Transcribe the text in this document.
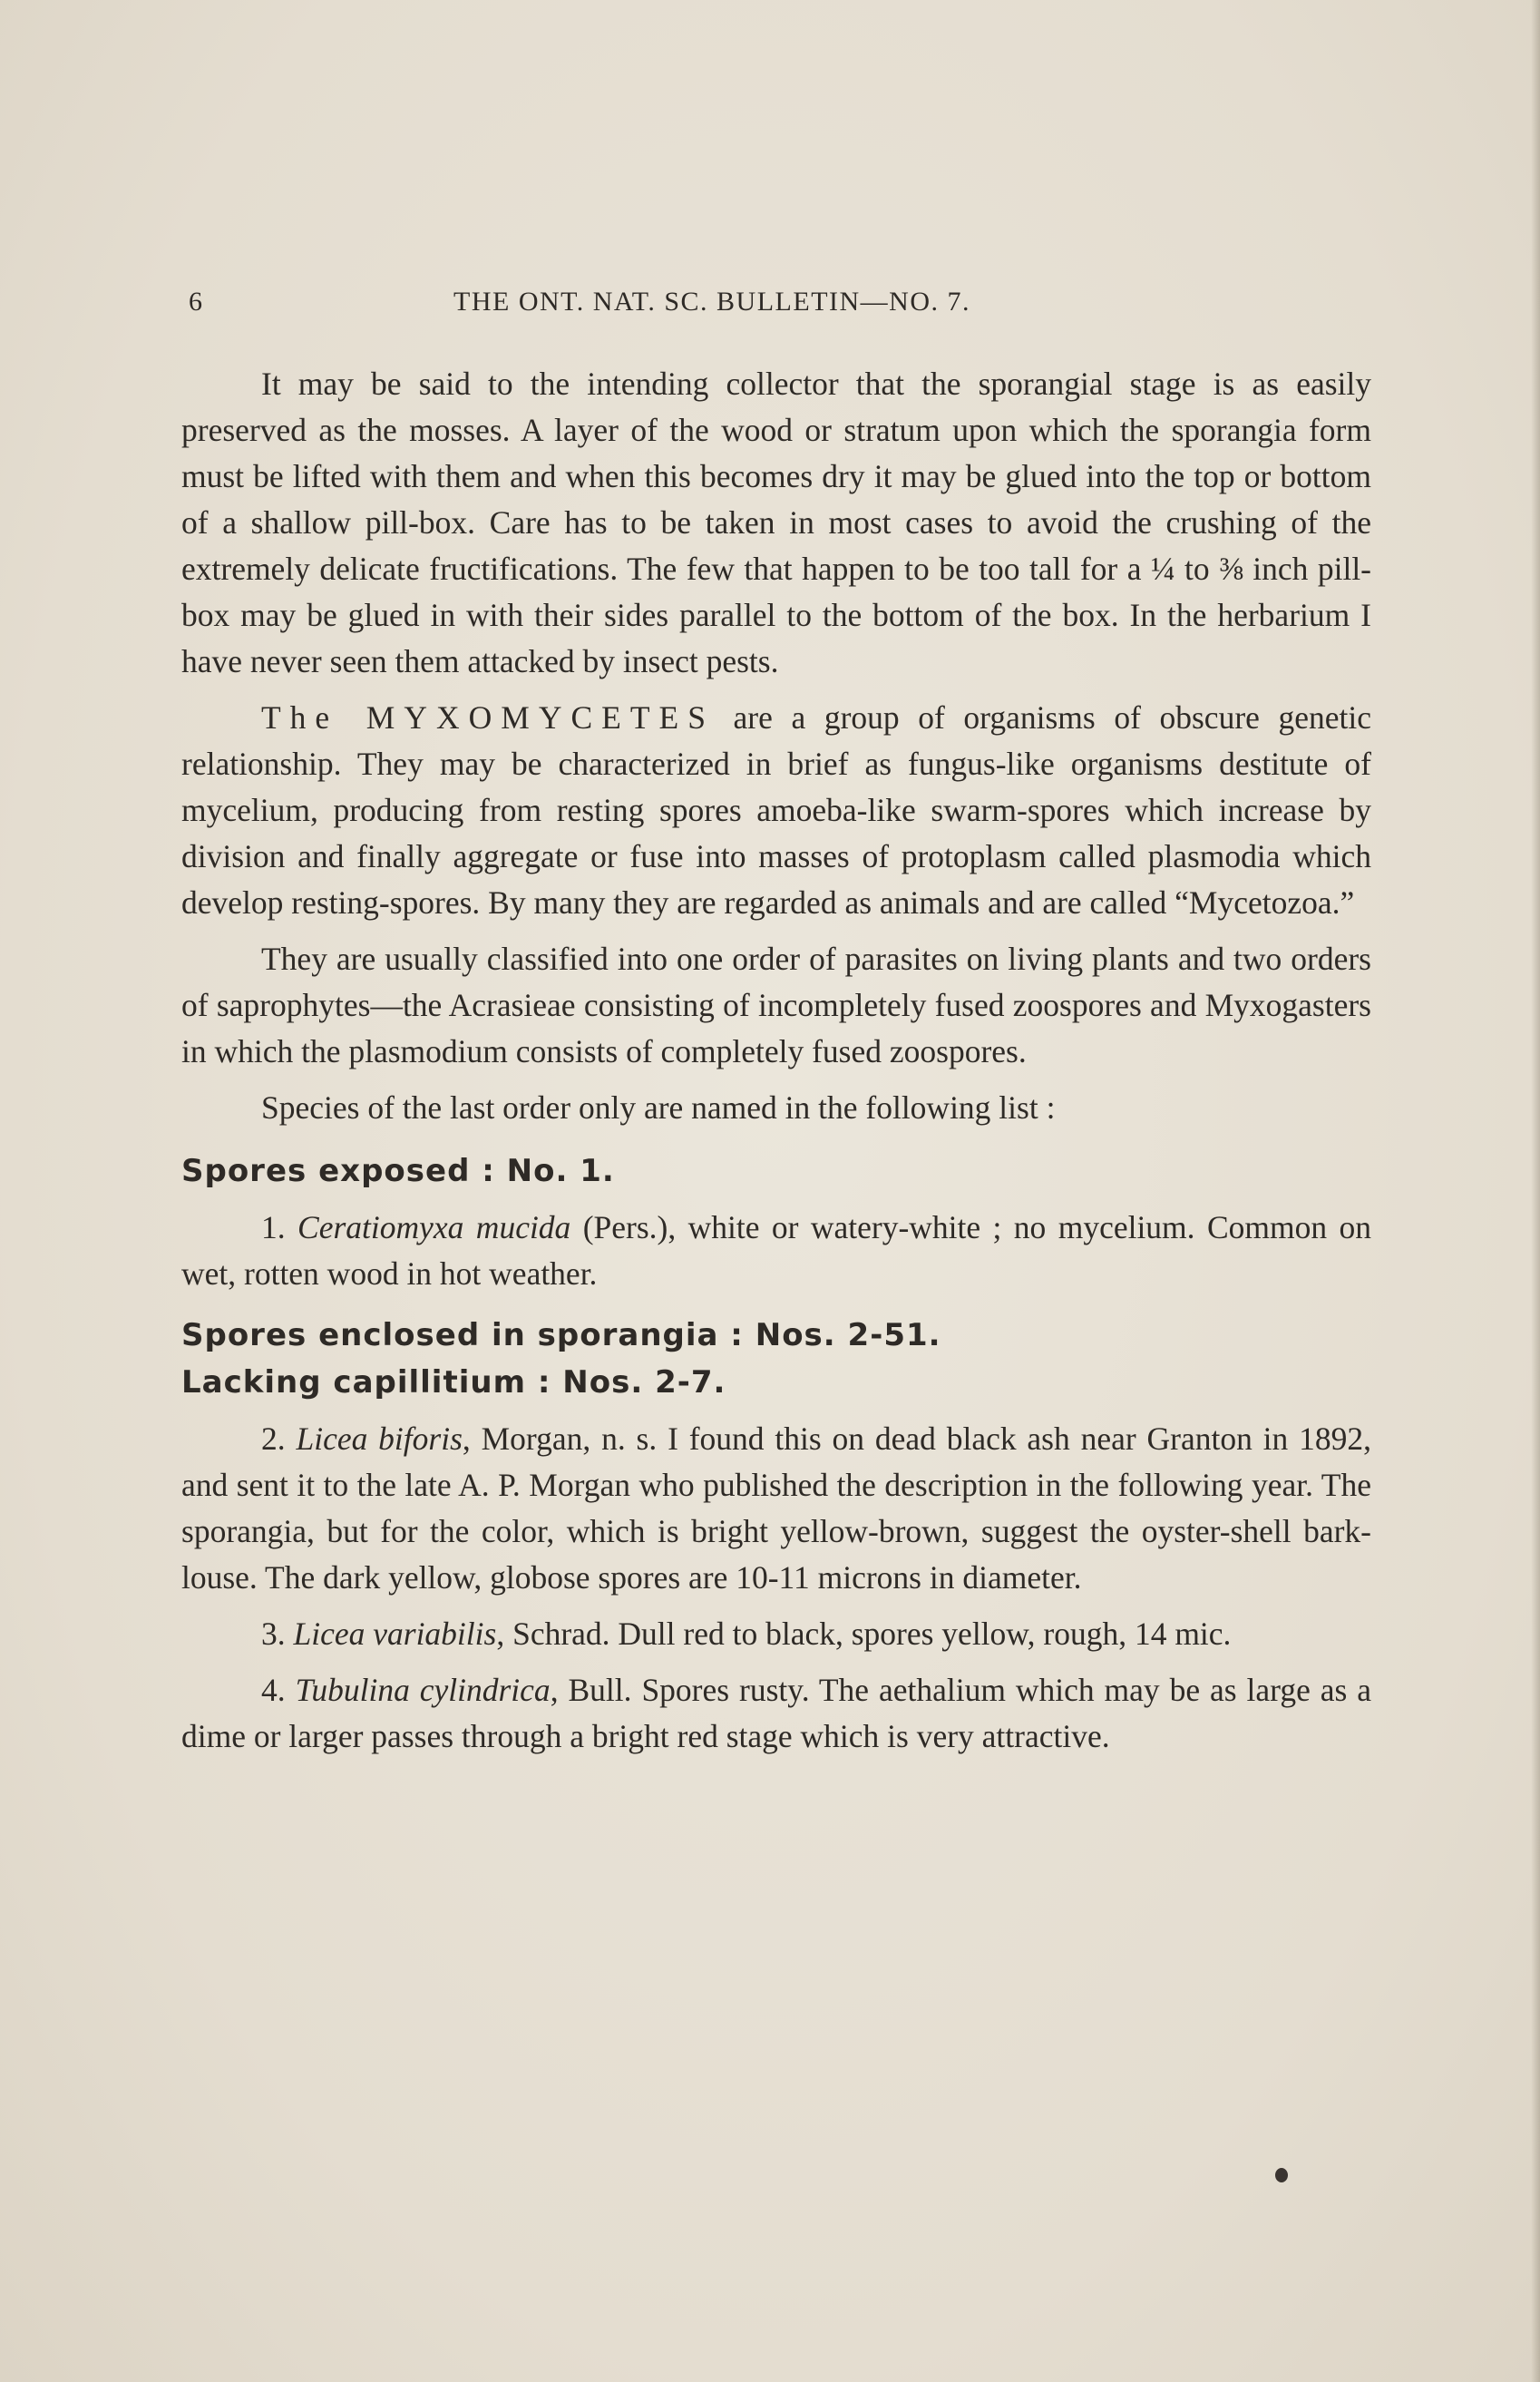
6	THE ONT. NAT. SC. BULLETIN—NO. 7.

It may be said to the intending collector that the sporangial stage is as easily preserved as the mosses. A layer of the wood or stratum upon which the sporangia form must be lifted with them and when this becomes dry it may be glued into the top or bottom of a shallow pill-box. Care has to be taken in most cases to avoid the crushing of the extremely delicate fructifications. The few that happen to be too tall for a ¼ to ⅜ inch pill-box may be glued in with their sides parallel to the bottom of the box. In the herbarium I have never seen them attacked by insect pests.

The MYXOMYCETES are a group of organisms of obscure genetic relationship. They may be characterized in brief as fungus-like organisms destitute of mycelium, producing from resting spores amoeba-like swarm-spores which increase by division and finally aggregate or fuse into masses of protoplasm called plasmodia which develop resting-spores. By many they are regarded as animals and are called “Mycetozoa.”

They are usually classified into one order of parasites on living plants and two orders of saprophytes—the Acrasieae consisting of incompletely fused zoospores and Myxogasters in which the plasmodium consists of completely fused zoospores.

Species of the last order only are named in the following list :

Spores exposed : No. 1.

1. Ceratiomyxa mucida (Pers.), white or watery-white ; no mycelium. Common on wet, rotten wood in hot weather.

Spores enclosed in sporangia : Nos. 2-51.

Lacking capillitium : Nos. 2-7.

2. Licea biforis, Morgan, n. s. I found this on dead black ash near Granton in 1892, and sent it to the late A. P. Morgan who published the description in the following year. The sporangia, but for the color, which is bright yellow-brown, suggest the oyster-shell bark-louse. The dark yellow, globose spores are 10-11 microns in diameter.

3. Licea variabilis, Schrad. Dull red to black, spores yellow, rough, 14 mic.

4. Tubulina cylindrica, Bull. Spores rusty. The aethalium which may be as large as a dime or larger passes through a bright red stage which is very attractive.
